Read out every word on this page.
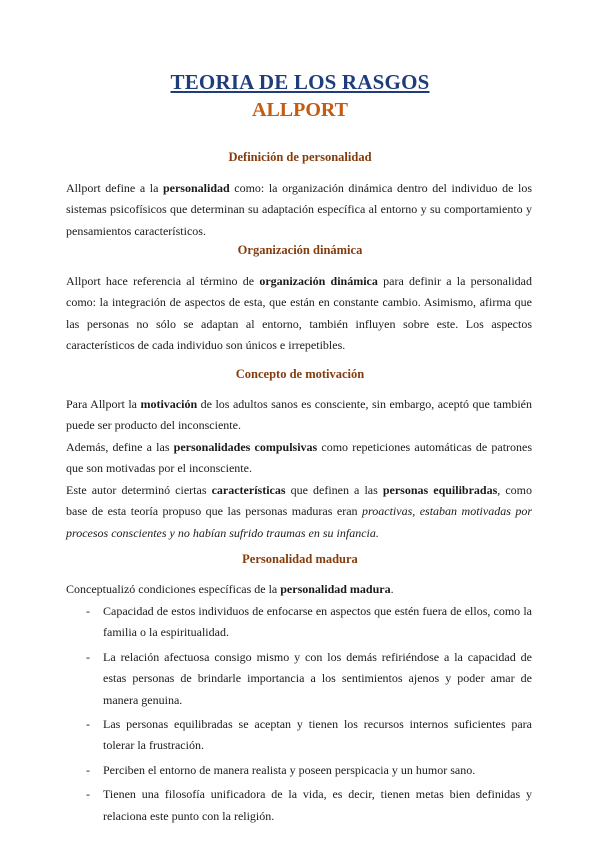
TEORIA DE LOS RASGOS
ALLPORT
Definición de personalidad

Allport define a la personalidad como: la organización dinámica dentro del individuo de los sistemas psicofísicos que determinan su adaptación específica al entorno y su comportamiento y pensamientos característicos.

Organización dinámica

Allport hace referencia al término de organización dinámica para definir a la personalidad como: la integración de aspectos de esta, que están en constante cambio. Asimismo, afirma que las personas no sólo se adaptan al entorno, también influyen sobre este. Los aspectos característicos de cada individuo son únicos e irrepetibles.

Concepto de motivación

Para Allport la motivación de los adultos sanos es consciente, sin embargo, aceptó que también puede ser producto del inconsciente.

Además, define a las personalidades compulsivas como repeticiones automáticas de patrones que son motivadas por el inconsciente.

Este autor determinó ciertas características que definen a las personas equilibradas, como base de esta teoría propuso que las personas maduras eran proactivas, estaban motivadas por procesos conscientes y no habían sufrido traumas en su infancia.

Personalidad madura

Conceptualizó condiciones específicas de la personalidad madura.

- Capacidad de estos individuos de enfocarse en aspectos que estén fuera de ellos, como la familia o la espiritualidad.
- La relación afectuosa consigo mismo y con los demás refiriéndose a la capacidad de estas personas de brindarle importancia a los sentimientos ajenos y poder amar de manera genuina.
- Las personas equilibradas se aceptan y tienen los recursos internos suficientes para tolerar la frustración.
- Perciben el entorno de manera realista y poseen perspicacia y un humor sano.
- Tienen una filosofía unificadora de la vida, es decir, tienen metas bien definidas y relaciona este punto con la religión.
